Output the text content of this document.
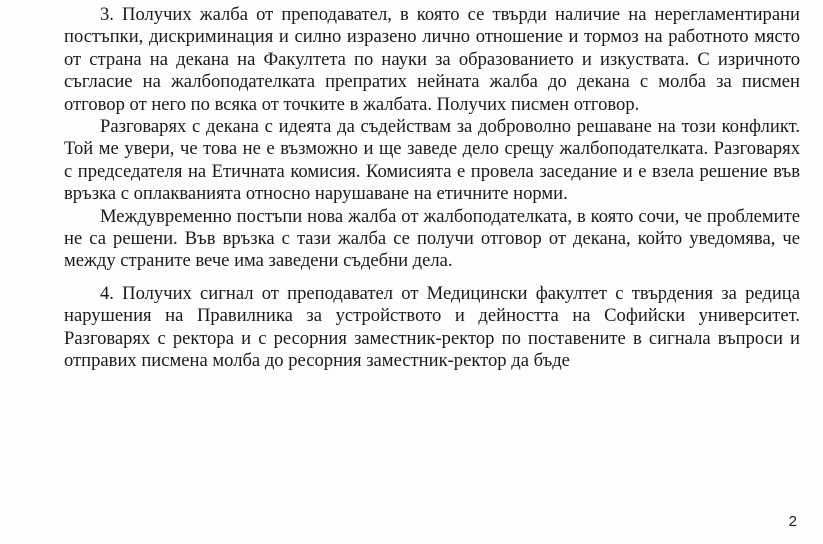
3. Получих жалба от преподавател, в която се твърди наличие на нерегламентирани постъпки, дискриминация и силно изразено лично отношение и тормоз на работното място от страна на декана на Факултета по науки за образованието и изкуствата. С изричното съгласие на жалбоподателката препратих нейната жалба до декана с молба за писмен отговор от него по всяка от точките в жалбата. Получих писмен отговор.

Разговарях с декана с идеята да съдействам за доброволно решаване на този конфликт. Той ме увери, че това не е възможно и ще заведе дело срещу жалбоподателката. Разговарях с председателя на Етичната комисия. Комисията е провела заседание и е взела решение във връзка с оплакванията относно нарушаване на етичните норми.

Междувременно постъпи нова жалба от жалбоподателката, в която сочи, че проблемите не са решени. Във връзка с тази жалба се получи отговор от декана, който уведомява, че между страните вече има заведени съдебни дела.

4. Получих сигнал от преподавател от Медицински факултет с твърдения за редица нарушения на Правилника за устройството и дейността на Софийски университет. Разговарях с ректора и с ресорния заместник-ректор по поставените в сигнала въпроси и отправих писмена молба до ресорния заместник-ректор да бъде

2
